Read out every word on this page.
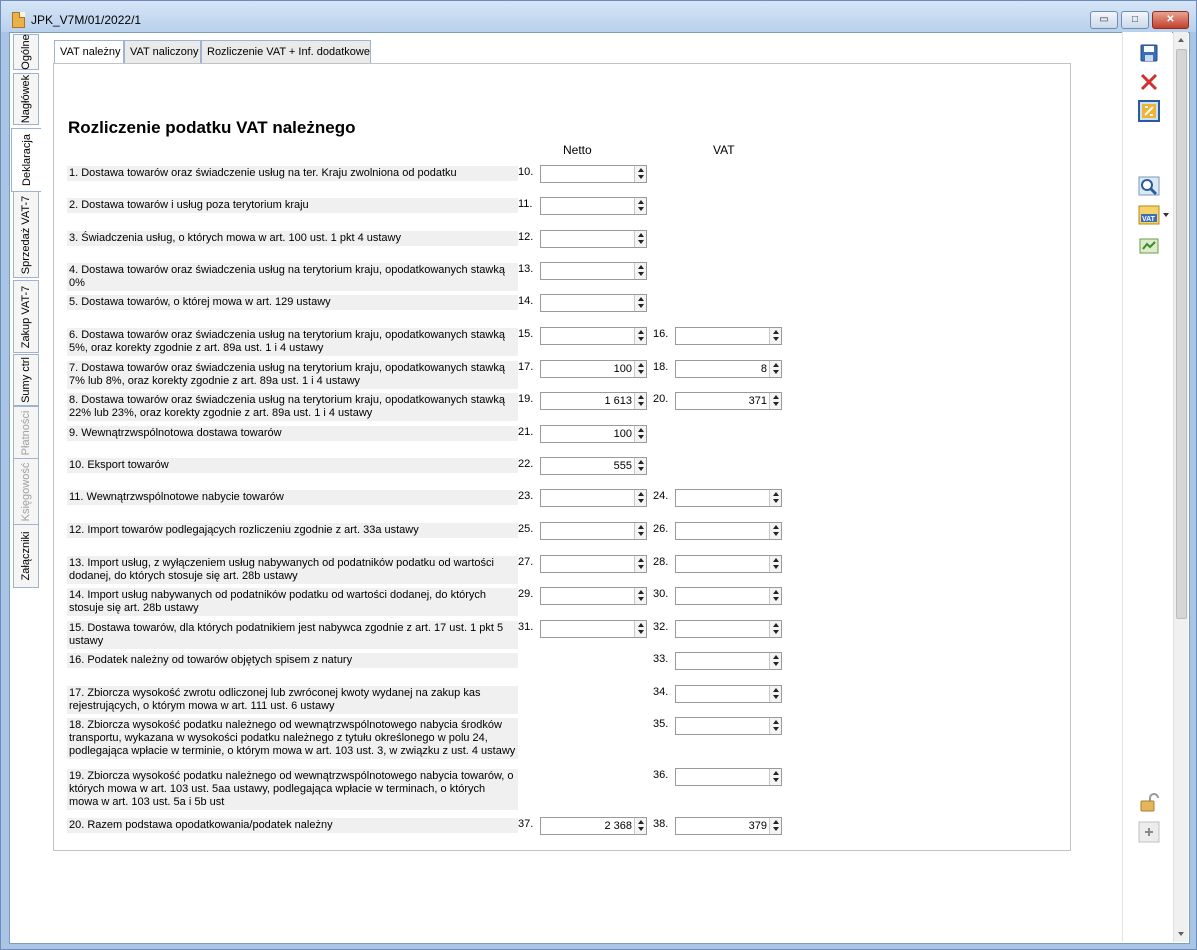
JPK_V7M/01/2022/1	▭	□	✕
Ogólne
Nagłówek
Deklaracja
Sprzedaż VAT-7
Zakup VAT-7
Sumy ctrl
Płatności
Księgowość
Załączniki
VAT należny VAT naliczony Rozliczenie VAT + Inf. dodatkowe
Rozliczenie podatku VAT należnego
Netto	VAT
1. Dostawa towarów oraz świadczenie usług na ter. Kraju zwolniona od podatku	10.
2. Dostawa towarów i usług poza terytorium kraju	11.
3. Świadczenia usług, o których mowa w art. 100 ust. 1 pkt 4 ustawy	12.
4. Dostawa towarów oraz świadczenia usług na terytorium kraju, opodatkowanych stawką 0%
13.
5. Dostawa towarów, o której mowa w art. 129 ustawy	14.
6. Dostawa towarów oraz świadczenia usług na terytorium kraju, opodatkowanych stawką 5%, oraz korekty zgodnie z art. 89a ust. 1 i 4 ustawy
15.	16.
7. Dostawa towarów oraz świadczenia usług na terytorium kraju, opodatkowanych stawką 7% lub 8%, oraz korekty zgodnie z art. 89a ust. 1 i 4 ustawy
17.	100 18.	8
8. Dostawa towarów oraz świadczenia usług na terytorium kraju, opodatkowanych stawką 22% lub 23%, oraz korekty zgodnie z art. 89a ust. 1 i 4 ustawy
19.	1 613 20.	371
9. Wewnątrzwspólnotowa dostawa towarów	21.	100
10. Eksport towarów	22.	555
11. Wewnątrzwspólnotowe nabycie towarów	23.	24.
12. Import towarów podlegających rozliczeniu zgodnie z art. 33a ustawy	25.	26.
13. Import usług, z wyłączeniem usług nabywanych od podatników podatku od wartości dodanej, do których stosuje się art. 28b ustawy
27.	28.
14. Import usług nabywanych od podatników podatku od wartości dodanej, do których stosuje się art. 28b ustawy
29.	30.
15. Dostawa towarów, dla których podatnikiem jest nabywca zgodnie z art. 17 ust. 1 pkt 5 ustawy
31.	32.
16. Podatek należny od towarów objętych spisem z natury	33.
17. Zbiorcza wysokość zwrotu odliczonej lub zwróconej kwoty wydanej na zakup kas rejestrujących, o którym mowa w art. 111 ust. 6 ustawy
34.
18. Zbiorcza wysokość podatku należnego od wewnątrzwspólnotowego nabycia środków transportu, wykazana w wysokości podatku należnego z tytułu określonego w polu 24, podlegająca wpłacie w terminie, o którym mowa w art. 103 ust. 3, w związku z ust. 4 ustawy
35.
19. Zbiorcza wysokość podatku należnego od wewnątrzwspólnotowego nabycia towarów, o których mowa w art. 103 ust. 5aa ustawy, podlegająca wpłacie w terminach, o których mowa w art. 103 ust. 5a i 5b ust
36.
20. Razem podstawa opodatkowania/podatek należny	37.	2 368 38.	379
VAT
